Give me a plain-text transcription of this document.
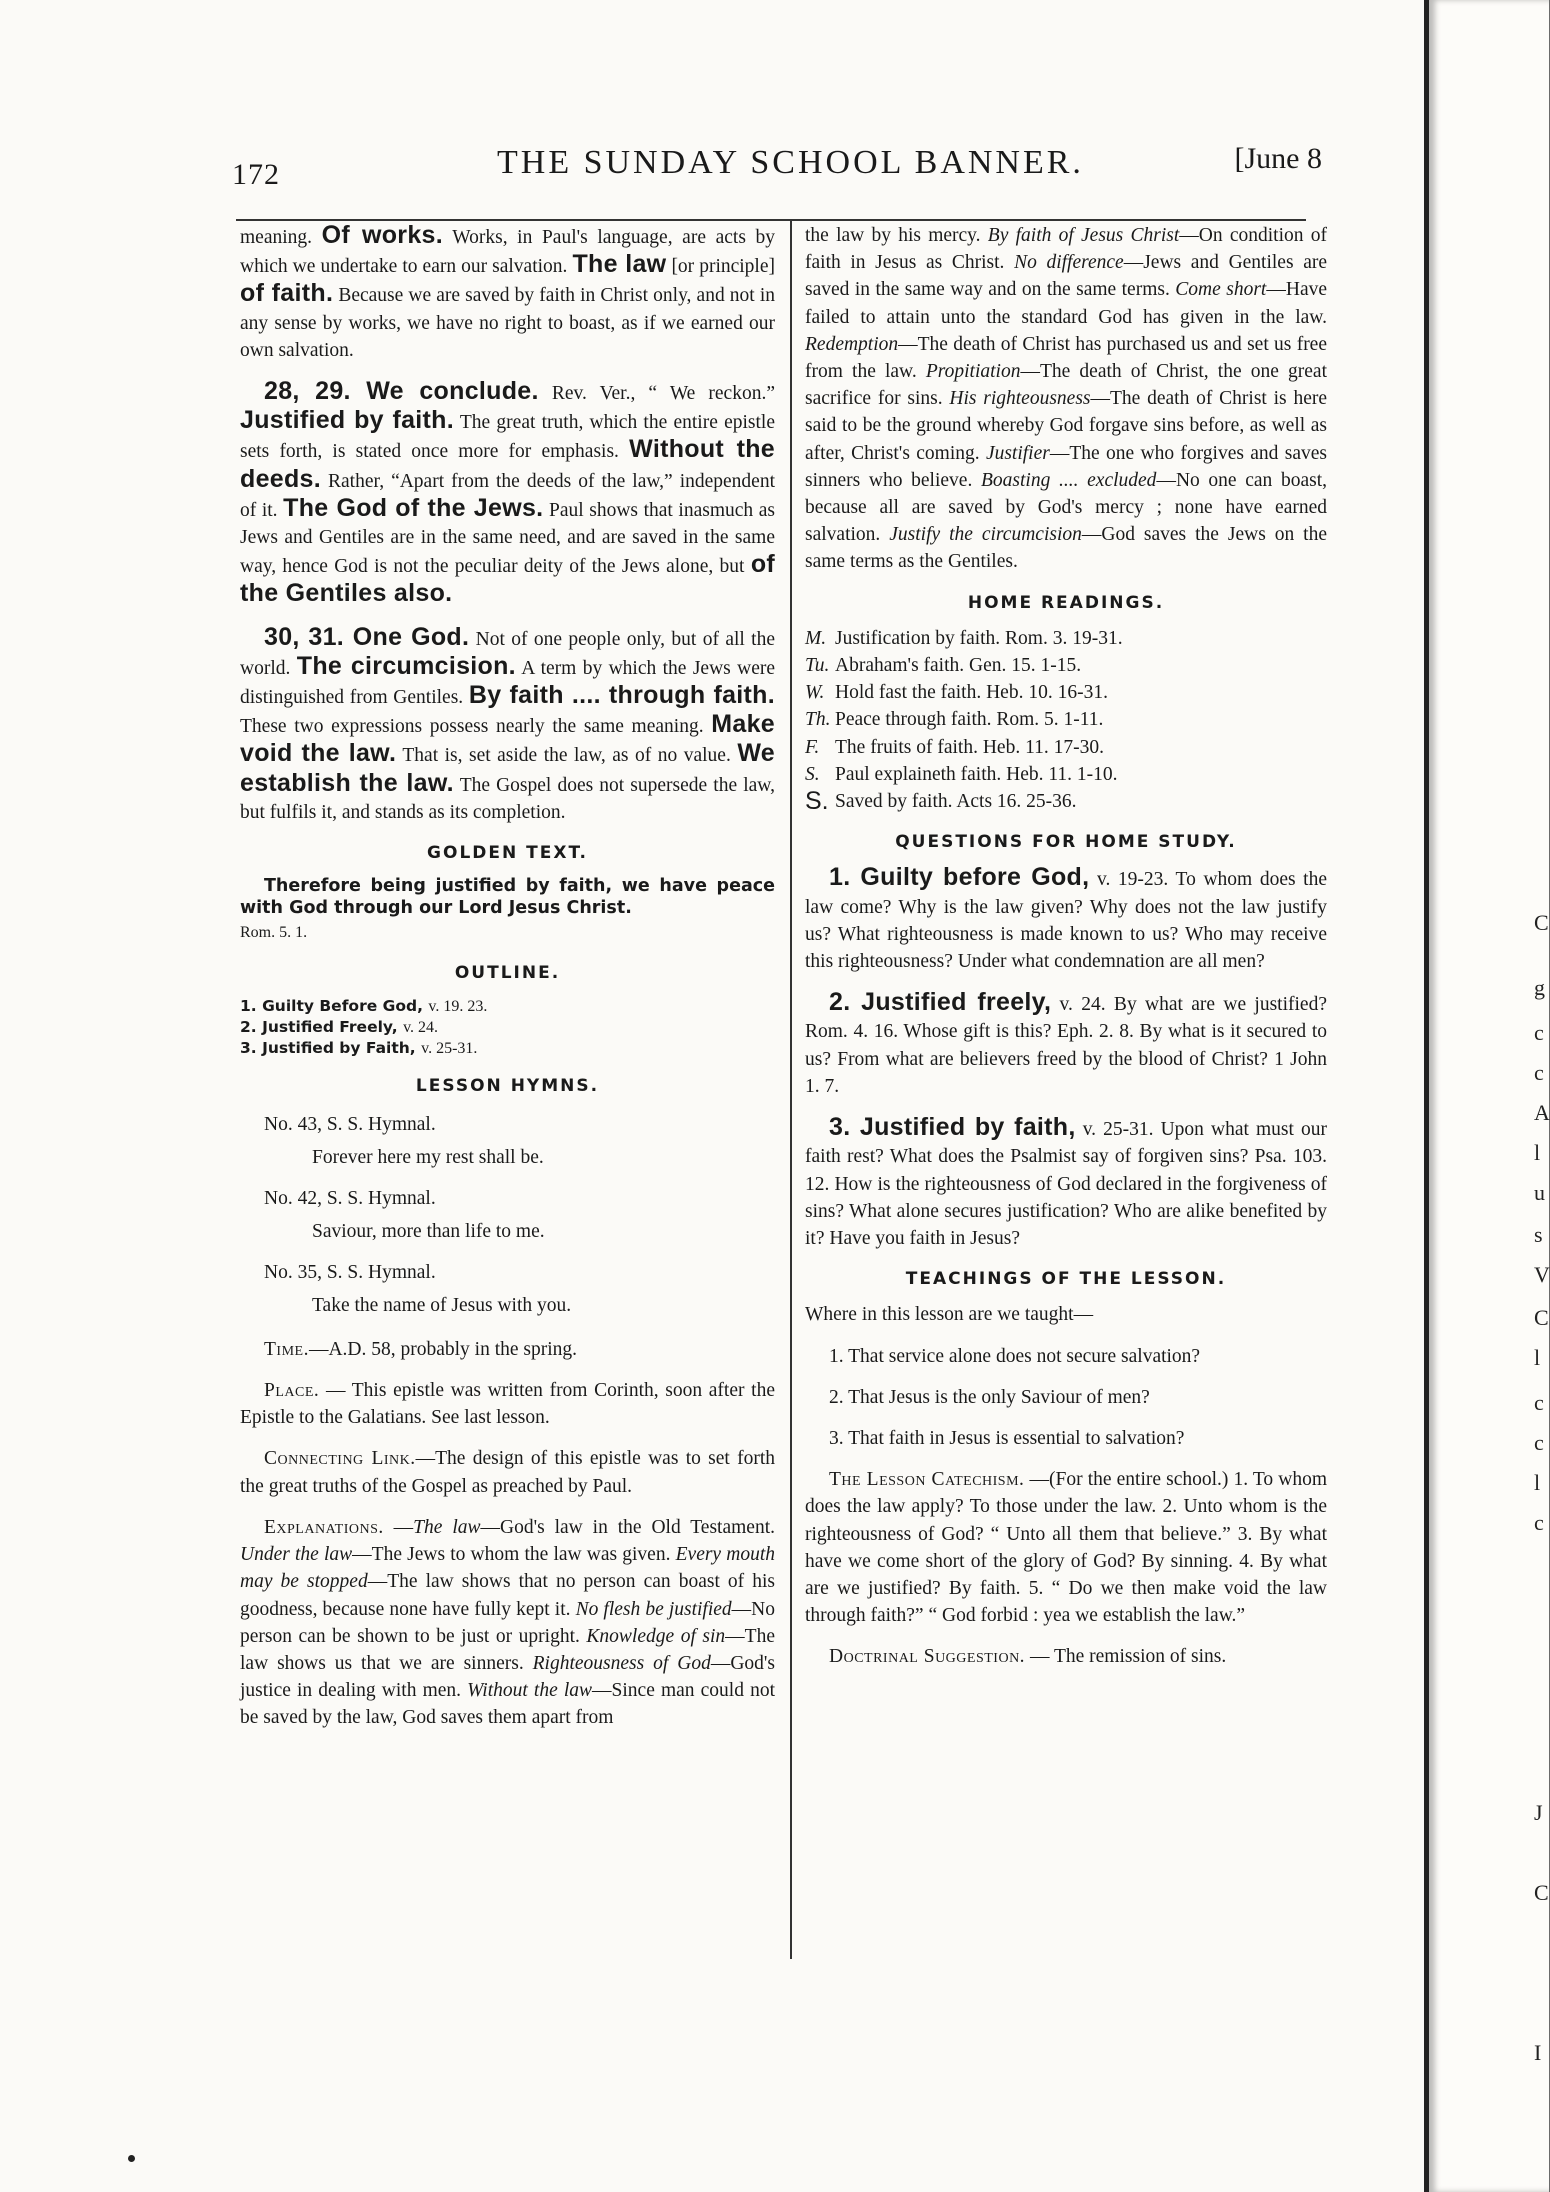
172	THE SUNDAY SCHOOL BANNER.	[June 8

meaning. Of works. Works, in Paul's language, are acts by which we undertake to earn our salvation. The law [or principle] of faith. Because we are saved by faith in Christ only, and not in any sense by works, we have no right to boast, as if we earned our own salvation.

28, 29. We conclude. Rev. Ver., “ We reckon.” Justified by faith. The great truth, which the entire epistle sets forth, is stated once more for emphasis. Without the deeds. Rather, “Apart from the deeds of the law,” independent of it. The God of the Jews. Paul shows that inasmuch as Jews and Gentiles are in the same need, and are saved in the same way, hence God is not the peculiar deity of the Jews alone, but of the Gentiles also.

30, 31. One God. Not of one people only, but of all the world. The circumcision. A term by which the Jews were distinguished from Gentiles. By faith .... through faith. These two expressions possess nearly the same meaning. Make void the law. That is, set aside the law, as of no value. We establish the law. The Gospel does not supersede the law, but fulfils it, and stands as its completion.

GOLDEN TEXT.

Therefore being justified by faith, we have peace with God through our Lord Jesus Christ.

Rom. 5. 1.

OUTLINE.

1. Guilty Before God, v. 19. 23.

2. Justified Freely, v. 24.

3. Justified by Faith, v. 25-31.

LESSON HYMNS.

No. 43, S. S. Hymnal.

Forever here my rest shall be.

No. 42, S. S. Hymnal.

Saviour, more than life to me.

No. 35, S. S. Hymnal.

Take the name of Jesus with you.

Time.—A.D. 58, probably in the spring.

Place. — This epistle was written from Corinth, soon after the Epistle to the Galatians. See last lesson.

Connecting Link.—The design of this epistle was to set forth the great truths of the Gospel as preached by Paul.

Explanations. —The law—God's law in the Old Testament. Under the law—The Jews to whom the law was given. Every mouth may be stopped—The law shows that no person can boast of his goodness, because none have fully kept it. No flesh be justified—No person can be shown to be just or upright. Knowledge of sin—The law shows us that we are sinners. Righteousness of God—God's justice in dealing with men. Without the law—Since man could not be saved by the law, God saves them apart from

the law by his mercy. By faith of Jesus Christ—On condition of faith in Jesus as Christ. No difference—Jews and Gentiles are saved in the same way and on the same terms. Come short—Have failed to attain unto the standard God has given in the law. Redemption—The death of Christ has purchased us and set us free from the law. Propitiation—The death of Christ, the one great sacrifice for sins. His righteousness—The death of Christ is here said to be the ground whereby God forgave sins before, as well as after, Christ's coming. Justifier—The one who forgives and saves sinners who believe. Boasting .... excluded—No one can boast, because all are saved by God's mercy ; none have earned salvation. Justify the circumcision—God saves the Jews on the same terms as the Gentiles.

HOME READINGS.

M. Justification by faith. Rom. 3. 19-31.
Tu. Abraham's faith. Gen. 15. 1-15.
W. Hold fast the faith. Heb. 10. 16-31.
Th. Peace through faith. Rom. 5. 1-11.
F. The fruits of faith. Heb. 11. 17-30.
S. Paul explaineth faith. Heb. 11. 1-10.
S. Saved by faith. Acts 16. 25-36.

QUESTIONS FOR HOME STUDY.

1. Guilty before God, v. 19-23. To whom does the law come? Why is the law given? Why does not the law justify us? What righteousness is made known to us? Who may receive this righteousness? Under what condemnation are all men?

2. Justified freely, v. 24. By what are we justified? Rom. 4. 16. Whose gift is this? Eph. 2. 8. By what is it secured to us? From what are believers freed by the blood of Christ? 1 John 1. 7.

3. Justified by faith, v. 25-31. Upon what must our faith rest? What does the Psalmist say of forgiven sins? Psa. 103. 12. How is the righteousness of God declared in the forgiveness of sins? What alone secures justification? Who are alike benefited by it? Have you faith in Jesus?

TEACHINGS OF THE LESSON.

Where in this lesson are we taught—

1. That service alone does not secure salvation?

2. That Jesus is the only Saviour of men?

3. That faith in Jesus is essential to salvation?

The Lesson Catechism. —(For the entire school.) 1. To whom does the law apply? To those under the law. 2. Unto whom is the righteousness of God? “ Unto all them that believe.” 3. By what have we come short of the glory of God? By sinning. 4. By what are we justified? By faith. 5. “ Do we then make void the law through faith?” “ God forbid : yea we establish the law.”

Doctrinal Suggestion. — The remission of sins.

C
g
c
c
A
l
u
s
V
C
l
c
c
l
c
J
C
I
